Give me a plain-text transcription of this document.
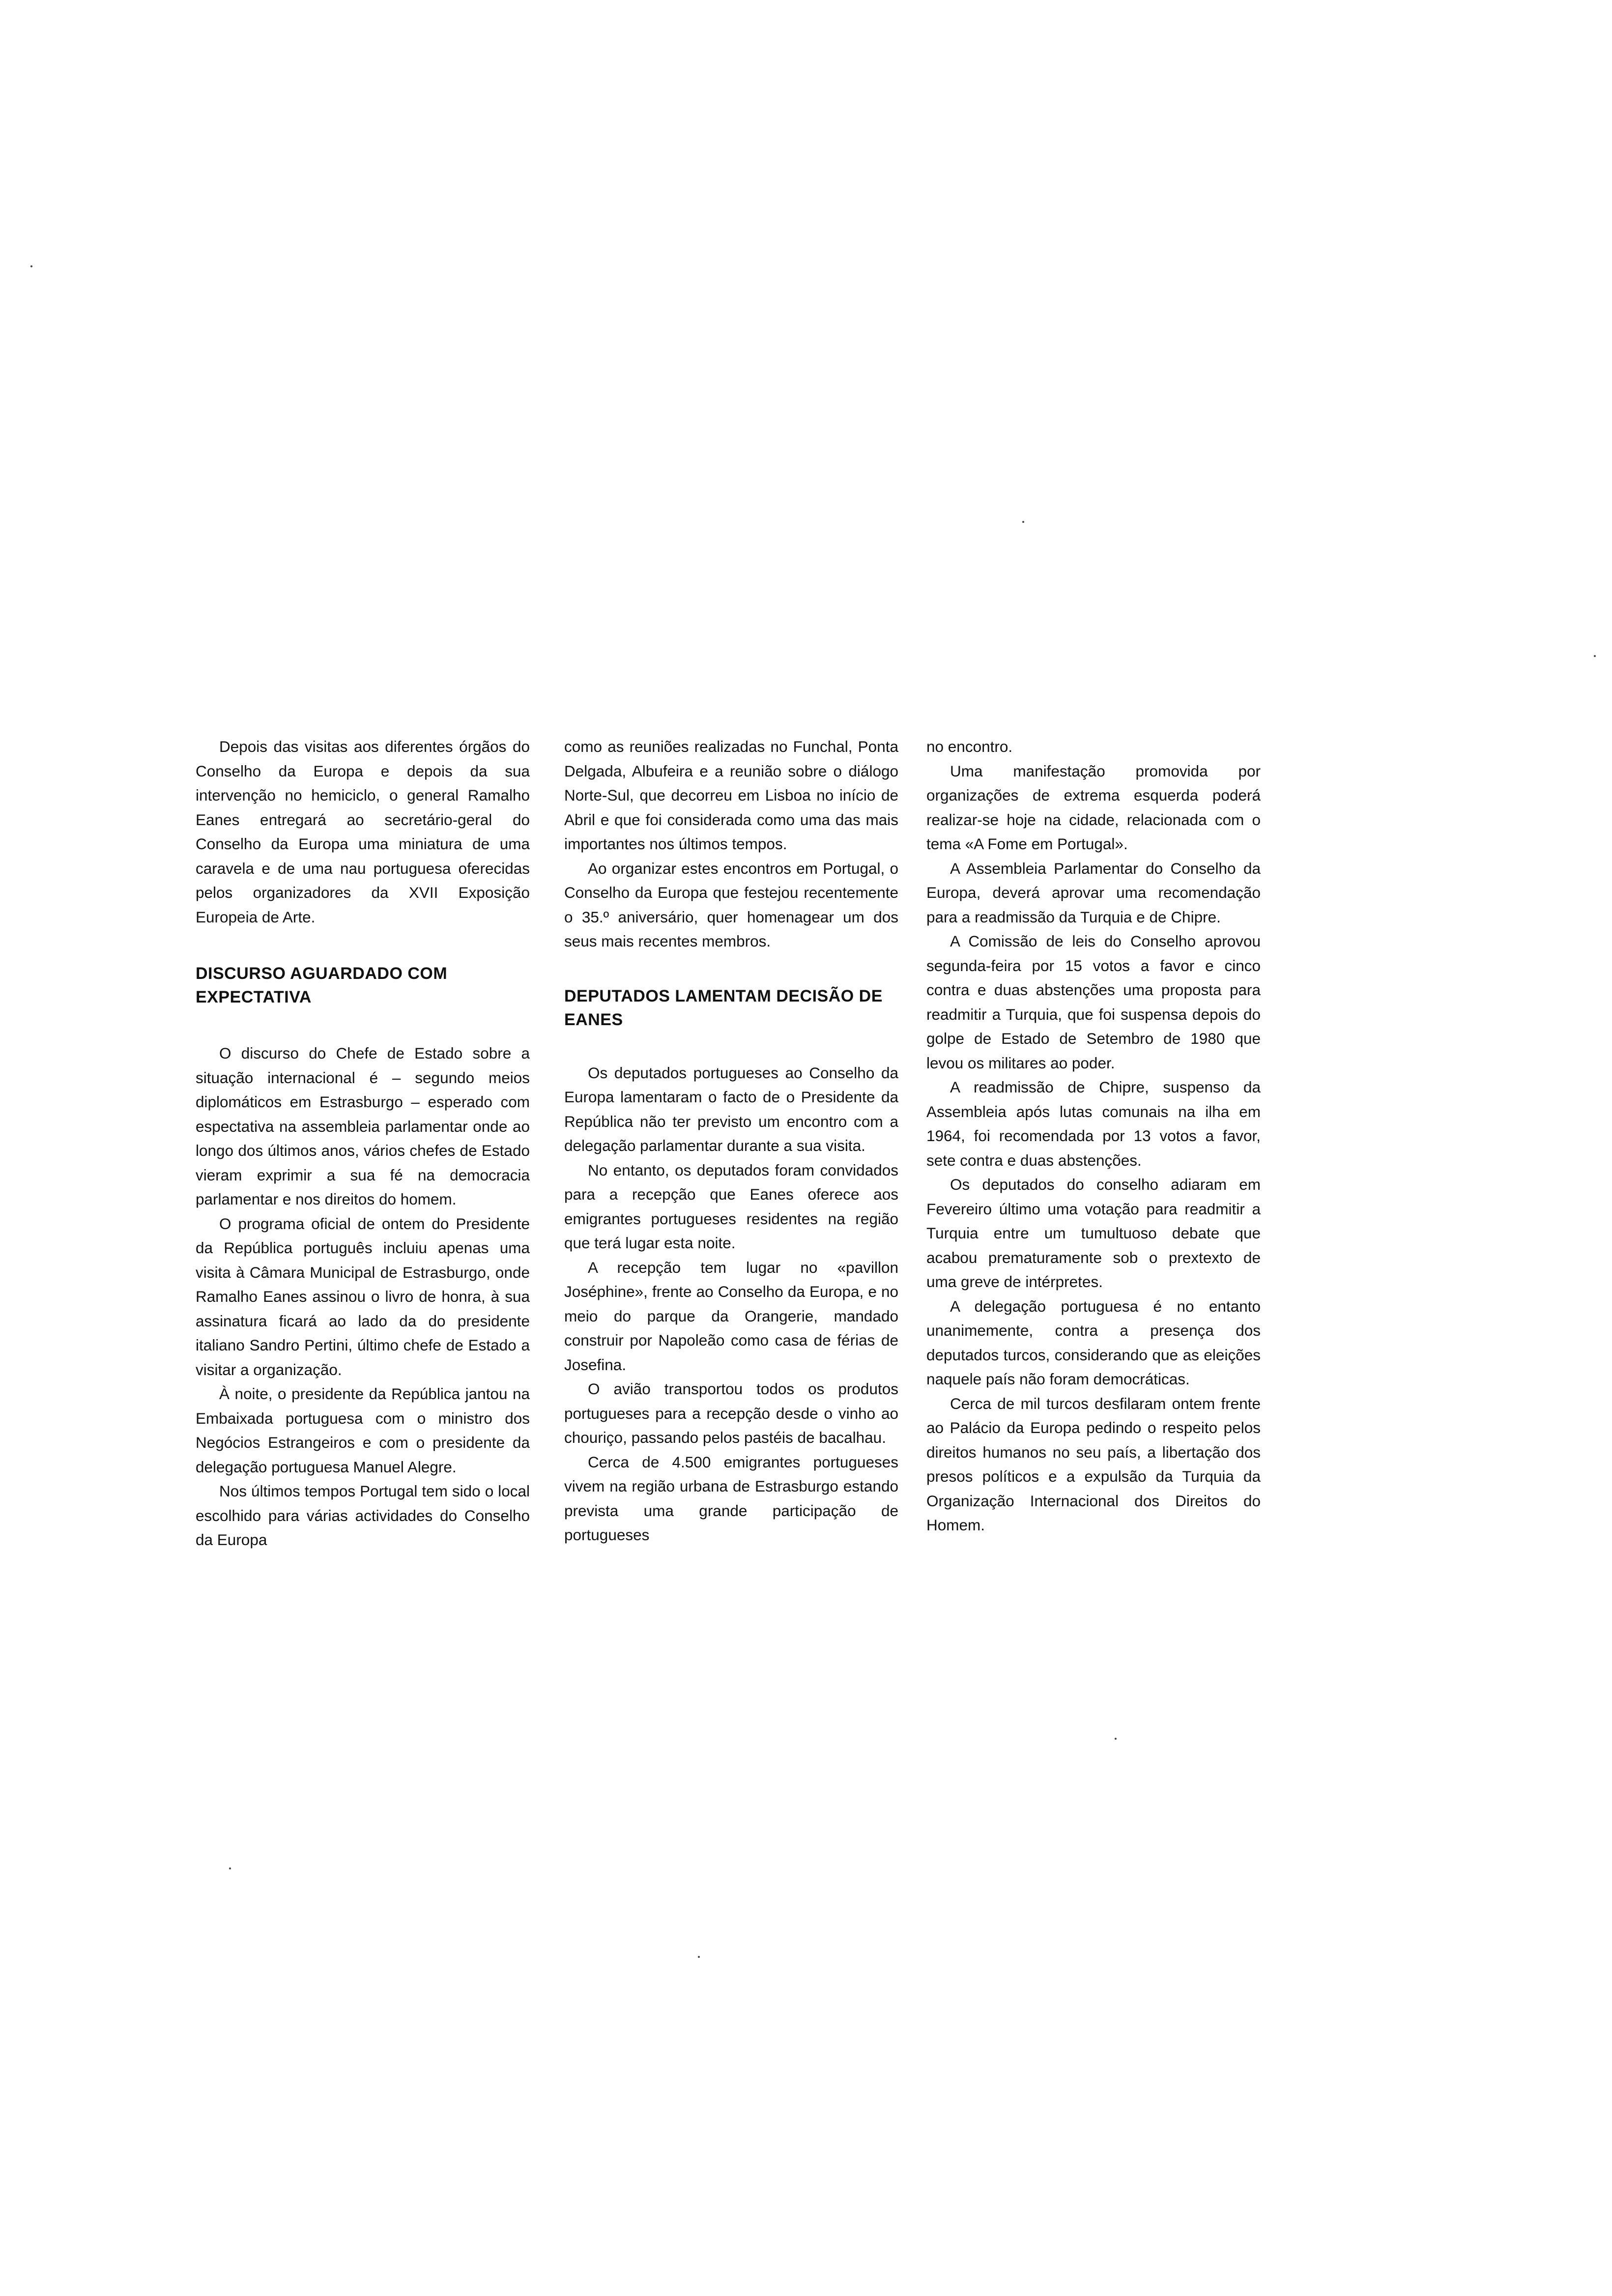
Depois das visitas aos diferentes órgãos do Conselho da Europa e depois da sua intervenção no hemiciclo, o general Ramalho Eanes entregará ao secretário-geral do Conselho da Europa uma miniatura de uma caravela e de uma nau portuguesa oferecidas pelos organizadores da XVII Exposição Europeia de Arte.

DISCURSO AGUARDADO COM EXPECTATIVA

O discurso do Chefe de Estado sobre a situação internacional é – segundo meios diplomáticos em Estrasburgo – esperado com espectativa na assembleia parlamentar onde ao longo dos últimos anos, vários chefes de Estado vieram exprimir a sua fé na democracia parlamentar e nos direitos do homem.

O programa oficial de ontem do Presidente da República português incluiu apenas uma visita à Câmara Municipal de Estrasburgo, onde Ramalho Eanes assinou o livro de honra, à sua assinatura ficará ao lado da do presidente italiano Sandro Pertini, último chefe de Estado a visitar a organização.

À noite, o presidente da República jantou na Embaixada portuguesa com o ministro dos Negócios Estrangeiros e com o presidente da delegação portuguesa Manuel Alegre.

Nos últimos tempos Portugal tem sido o local escolhido para várias actividades do Conselho da Europa

como as reuniões realizadas no Funchal, Ponta Delgada, Albufeira e a reunião sobre o diálogo Norte-Sul, que decorreu em Lisboa no início de Abril e que foi considerada como uma das mais importantes nos últimos tempos.

Ao organizar estes encontros em Portugal, o Conselho da Europa que festejou recentemente o 35.º aniversário, quer homenagear um dos seus mais recentes membros.

DEPUTADOS LAMENTAM DECISÃO DE EANES

Os deputados portugueses ao Conselho da Europa lamentaram o facto de o Presidente da República não ter previsto um encontro com a delegação parlamentar durante a sua visita.

No entanto, os deputados foram convidados para a recepção que Eanes oferece aos emigrantes portugueses residentes na região que terá lugar esta noite.

A recepção tem lugar no «pavillon Joséphine», frente ao Conselho da Europa, e no meio do parque da Orangerie, mandado construir por Napoleão como casa de férias de Josefina.

O avião transportou todos os produtos portugueses para a recepção desde o vinho ao chouriço, passando pelos pastéis de bacalhau.

Cerca de 4.500 emigrantes portugueses vivem na região urbana de Estrasburgo estando prevista uma grande participação de portugueses

no encontro.

Uma manifestação promovida por organizações de extrema esquerda poderá realizar-se hoje na cidade, relacionada com o tema «A Fome em Portugal».

A Assembleia Parlamentar do Conselho da Europa, deverá aprovar uma recomendação para a readmissão da Turquia e de Chipre.

A Comissão de leis do Conselho aprovou segunda-feira por 15 votos a favor e cinco contra e duas abstenções uma proposta para readmitir a Turquia, que foi suspensa depois do golpe de Estado de Setembro de 1980 que levou os militares ao poder.

A readmissão de Chipre, suspenso da Assembleia após lutas comunais na ilha em 1964, foi recomendada por 13 votos a favor, sete contra e duas abstenções.

Os deputados do conselho adiaram em Fevereiro último uma votação para readmitir a Turquia entre um tumultuoso debate que acabou prematuramente sob o prextexto de uma greve de intérpretes.

A delegação portuguesa é no entanto unanimemente, contra a presença dos deputados turcos, considerando que as eleições naquele país não foram democráticas.

Cerca de mil turcos desfilaram ontem frente ao Palácio da Europa pedindo o respeito pelos direitos humanos no seu país, a libertação dos presos políticos e a expulsão da Turquia da Organização Internacional dos Direitos do Homem.
